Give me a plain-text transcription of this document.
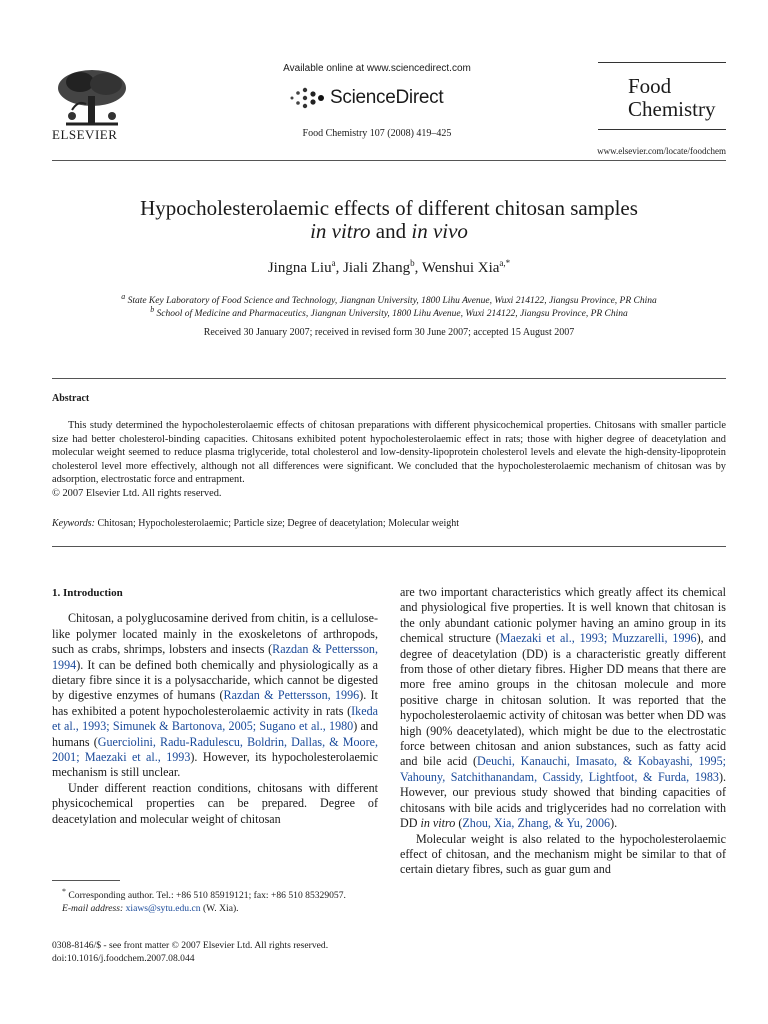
ELSEVIER
Available online at www.sciencedirect.com
ScienceDirect
Food Chemistry 107 (2008) 419–425
Food
Chemistry
www.elsevier.com/locate/foodchem
Hypocholesterolaemic effects of different chitosan samples
in vitro and in vivo
Jingna Liu$^a$, Jiali Zhang$^b$, Wenshui Xia$^{a,*}$
$^a$ State Key Laboratory of Food Science and Technology, Jiangnan University, 1800 Lihu Avenue, Wuxi 214122, Jiangsu Province, PR China
$^b$ School of Medicine and Pharmaceutics, Jiangnan University, 1800 Lihu Avenue, Wuxi 214122, Jiangsu Province, PR China
Received 30 January 2007; received in revised form 30 June 2007; accepted 15 August 2007
Abstract
This study determined the hypocholesterolaemic effects of chitosan preparations with different physicochemical properties. Chitosans with smaller particle size had better cholesterol-binding capacities. Chitosans exhibited potent hypocholesterolaemic effect in rats; those with higher degree of deacetylation and molecular weight seemed to reduce plasma triglyceride, total cholesterol and low-density-lipoprotein cholesterol levels and elevate the high-density-lipoprotein cholesterol level more effectively, although not all differences were significant. We concluded that the hypocholesterolaemic mechanism of chitosan was by adsorption, electrostatic force and entrapment.
© 2007 Elsevier Ltd. All rights reserved.
Keywords: Chitosan; Hypocholesterolaemic; Particle size; Degree of deacetylation; Molecular weight
1. Introduction

Chitosan, a polyglucosamine derived from chitin, is a cellulose-like polymer located mainly in the exoskeletons of arthropods, such as crabs, shrimps, lobsters and insects (Razdan & Pettersson, 1994). It can be defined both chemically and physiologically as a dietary fibre since it is a polysaccharide, which cannot be digested by digestive enzymes of humans (Razdan & Pettersson, 1996). It has exhibited a potent hypocholesterolaemic activity in rats (Ikeda et al., 1993; Simunek & Bartonova, 2005; Sugano et al., 1980) and humans (Guerciolini, Radu-Radulescu, Boldrin, Dallas, & Moore, 2001; Maezaki et al., 1993). However, its hypocholesterolaemic mechanism is still unclear.

Under different reaction conditions, chitosans with different physicochemical properties can be prepared. Degree of deacetylation and molecular weight of chitosan

are two important characteristics which greatly affect its chemical and physiological five properties. It is well known that chitosan is the only abundant cationic polymer having an amino group in its chemical structure (Maezaki et al., 1993; Muzzarelli, 1996), and degree of deacetylation (DD) is a characteristic greatly different from those of other dietary fibres. Higher DD means that there are more free amino groups in the chitosan molecule and more positive charge in chitosan solution. It was reported that the hypocholesterolaemic activity of chitosan was better when DD was high (90% deacetylated), which might be due to the electrostatic force between chitosan and anion substances, such as fatty acid and bile acid (Deuchi, Kanauchi, Imasato, & Kobayashi, 1995; Vahouny, Satchithanandam, Cassidy, Lightfoot, & Furda, 1983). However, our previous study showed that binding capacities of chitosans with bile acids and triglycerides had no correlation with DD in vitro (Zhou, Xia, Zhang, & Yu, 2006).

Molecular weight is also related to the hypocholesterolaemic effect of chitosan, and the mechanism might be similar to that of certain dietary fibres, such as guar gum and

* Corresponding author. Tel.: +86 510 85919121; fax: +86 510 85329057.
E-mail address: xiaws@sytu.edu.cn (W. Xia).
0308-8146/$ - see front matter © 2007 Elsevier Ltd. All rights reserved.
doi:10.1016/j.foodchem.2007.08.044
